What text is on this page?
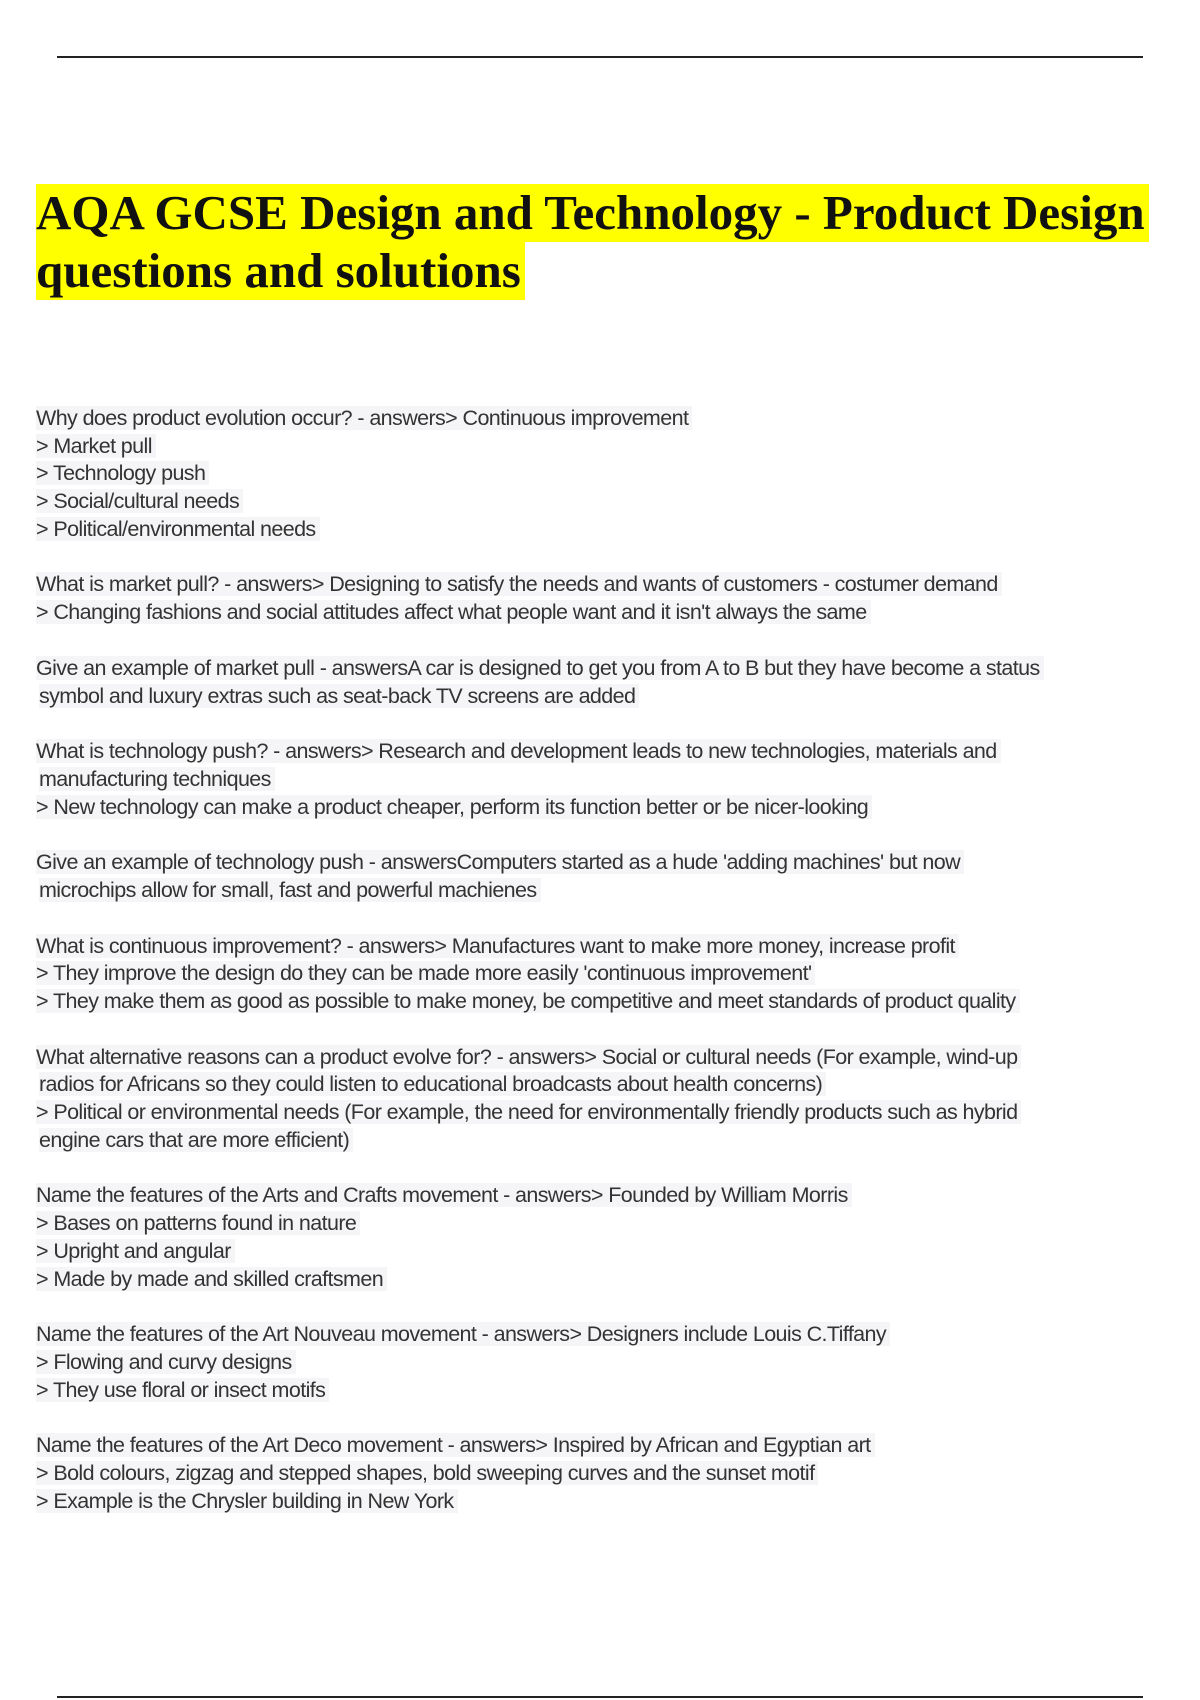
AQA GCSE Design and Technology - Product Design
questions and solutions
Why does product evolution occur? - answers> Continuous improvement
> Market pull
> Technology push
> Social/cultural needs
> Political/environmental needs
What is market pull? - answers> Designing to satisfy the needs and wants of customers - costumer demand
> Changing fashions and social attitudes affect what people want and it isn't always the same
Give an example of market pull - answersA car is designed to get you from A to B but they have become a status
symbol and luxury extras such as seat-back TV screens are added
What is technology push? - answers> Research and development leads to new technologies, materials and
manufacturing techniques
> New technology can make a product cheaper, perform its function better or be nicer-looking
Give an example of technology push - answersComputers started as a hude 'adding machines' but now
microchips allow for small, fast and powerful machienes
What is continuous improvement? - answers> Manufactures want to make more money, increase profit
> They improve the design do they can be made more easily 'continuous improvement'
> They make them as good as possible to make money, be competitive and meet standards of product quality
What alternative reasons can a product evolve for? - answers> Social or cultural needs (For example, wind-up
radios for Africans so they could listen to educational broadcasts about health concerns)
> Political or environmental needs (For example, the need for environmentally friendly products such as hybrid
engine cars that are more efficient)
Name the features of the Arts and Crafts movement - answers> Founded by William Morris
> Bases on patterns found in nature
> Upright and angular
> Made by made and skilled craftsmen
Name the features of the Art Nouveau movement - answers> Designers include Louis C.Tiffany
> Flowing and curvy designs
> They use floral or insect motifs
Name the features of the Art Deco movement - answers> Inspired by African and Egyptian art
> Bold colours, zigzag and stepped shapes, bold sweeping curves and the sunset motif
> Example is the Chrysler building in New York
